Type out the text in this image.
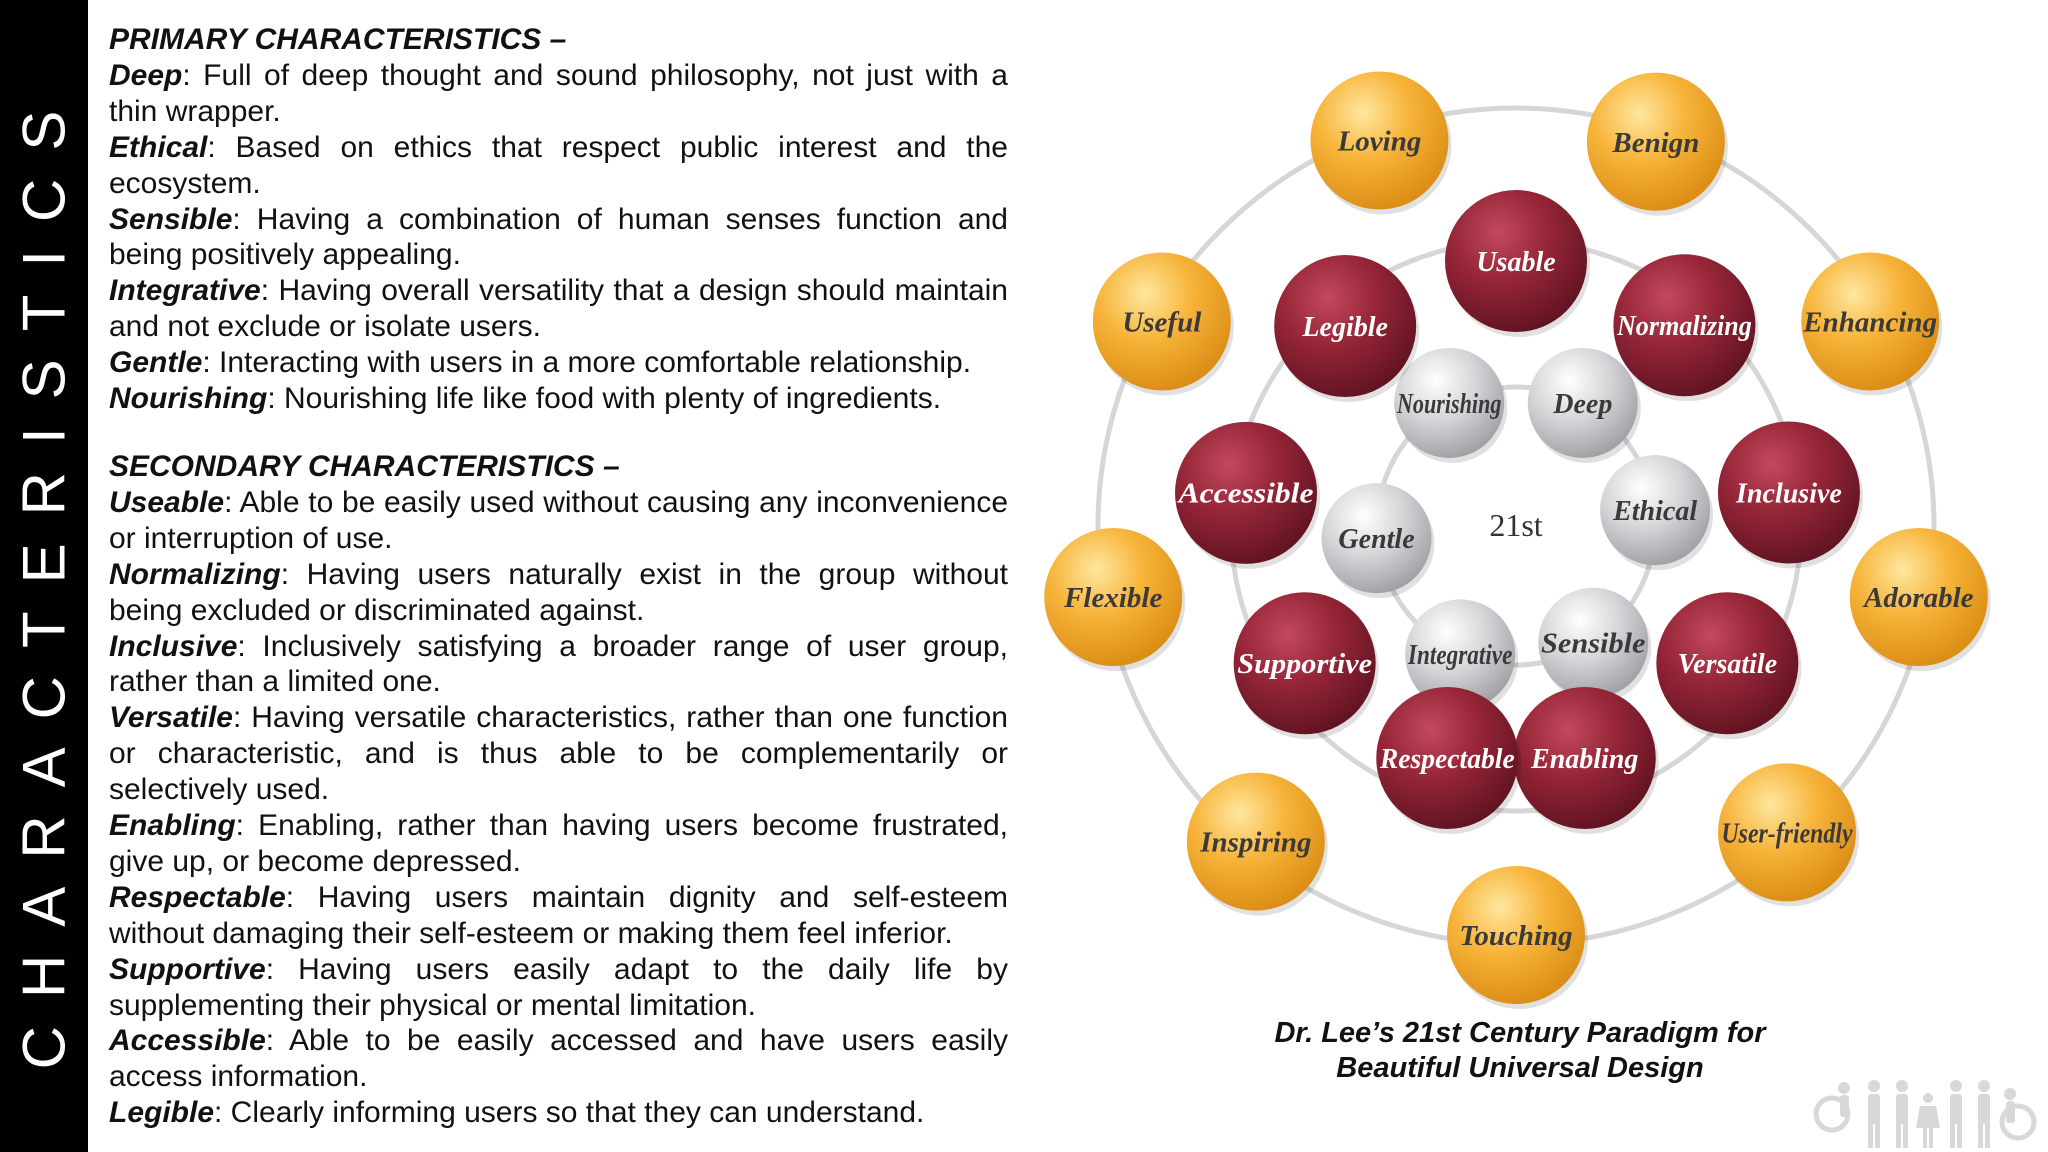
CHARACTERISTICS
PRIMARY CHARACTERISTICS –

Deep: Full of deep thought and sound philosophy, not just with a thin wrapper.

Ethical: Based on ethics that respect public interest and the ecosystem.

Sensible: Having a combination of human senses function and being positively appealing.

Integrative: Having overall versatility that a design should maintain and not exclude or isolate users.

Gentle: Interacting with users in a more comfortable relationship.

Nourishing: Nourishing life like food with plenty of ingredients.

SECONDARY CHARACTERISTICS –

Useable: Able to be easily used without causing any inconvenience or interruption of use.

Normalizing: Having users naturally exist in the group without being excluded or discriminated against.

Inclusive: Inclusively satisfying a broader range of user group, rather than a limited one.

Versatile: Having versatile characteristics, rather than one function or characteristic, and is thus able to be complementarily or selectively used.

Enabling: Enabling, rather than having users become frustrated, give up, or become depressed.

Respectable: Having users maintain dignity and self-esteem without damaging their self-esteem or making them feel inferior.

Supportive: Having users easily adapt to the daily life by supplementing their physical or mental limitation.

Accessible: Able to be easily accessed and have users easily access information.

Legible: Clearly informing users so that they can understand.

Nourishing Deep
Ethical
Sensible
Integrative
Gentle
Usable
Normalizing
Inclusive
Versatile
Enabling
Respectable
Supportive
Accessible
Legible
Loving	Benign
Enhancing
Adorable
User-friendly
Touching
Inspiring
Flexible
Useful
21st
Dr. Lee’s 21st Century Paradigm for
Beautiful Universal Design
